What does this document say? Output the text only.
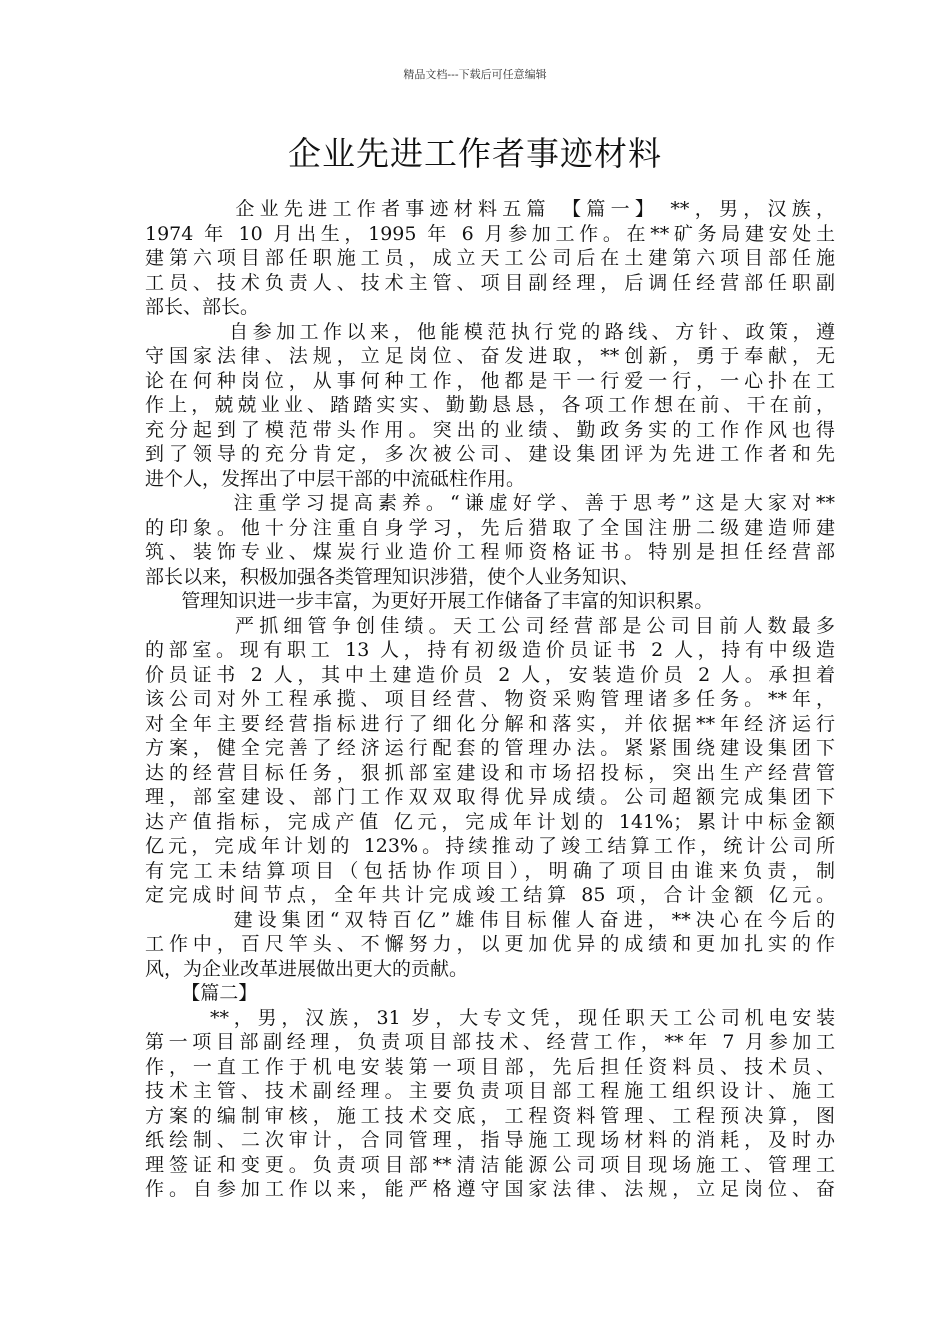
精品文档---下载后可任意编辑
企业先进工作者事迹材料
企业先进工作者事迹材料五篇 【篇一】 **，男，汉族，
1974 年 10 月出生，1995 年 6 月参加工作。在**矿务局建安处土
建第六项目部任职施工员，成立天工公司后在土建第六项目部任施
工员、技术负责人、技术主管、项目副经理，后调任经营部任职副
部长、部长。
自参加工作以来，他能模范执行党的路线、方针、政策，遵
守国家法律、法规，立足岗位、奋发进取，**创新，勇于奉献，无
论在何种岗位，从事何种工作，他都是干一行爱一行，一心扑在工
作上，兢兢业业、踏踏实实、勤勤恳恳，各项工作想在前、干在前，
充分起到了模范带头作用。突出的业绩、勤政务实的工作作风也得
到了领导的充分肯定，多次被公司、建设集团评为先进工作者和先
进个人，发挥出了中层干部的中流砥柱作用。
注重学习提高素养。“谦虚好学、善于思考”这是大家对**
的印象。他十分注重自身学习，先后猎取了全国注册二级建造师建
筑、装饰专业、煤炭行业造价工程师资格证书。特别是担任经营部
部长以来，积极加强各类管理知识涉猎，使个人业务知识、
管理知识进一步丰富，为更好开展工作储备了丰富的知识积累。
严抓细管争创佳绩。天工公司经营部是公司目前人数最多
的部室。现有职工 13 人，持有初级造价员证书 2 人，持有中级造
价员证书 2 人，其中土建造价员 2 人，安装造价员 2 人。承担着
该公司对外工程承揽、项目经营、物资采购管理诸多任务。**年，
对全年主要经营指标进行了细化分解和落实，并依据**年经济运行
方案，健全完善了经济运行配套的管理办法。紧紧围绕建设集团下
达的经营目标任务，狠抓部室建设和市场招投标，突出生产经营管
理，部室建设、部门工作双双取得优异成绩。公司超额完成集团下
达产值指标，完成产值 亿元，完成年计划的 141%；累计中标金额
亿元，完成年计划的 123%。持续推动了竣工结算工作，统计公司所
有完工未结算项目（包括协作项目），明确了项目由谁来负责，制
定完成时间节点，全年共计完成竣工结算 85 项，合计金额 亿元。
建设集团“双特百亿”雄伟目标催人奋进，**决心在今后的
工作中，百尺竿头、不懈努力，以更加优异的成绩和更加扎实的作
风，为企业改革进展做出更大的贡献。
【篇二】
**，男，汉族，31 岁，大专文凭，现任职天工公司机电安装
第一项目部副经理，负责项目部技术、经营工作，**年 7 月参加工
作，一直工作于机电安装第一项目部，先后担任资料员、技术员、
技术主管、技术副经理。主要负责项目部工程施工组织设计、施工
方案的编制审核，施工技术交底，工程资料管理、工程预决算，图
纸绘制、二次审计，合同管理，指导施工现场材料的消耗，及时办
理签证和变更。负责项目部**清洁能源公司项目现场施工、管理工
作。自参加工作以来，能严格遵守国家法律、法规，立足岗位、奋
